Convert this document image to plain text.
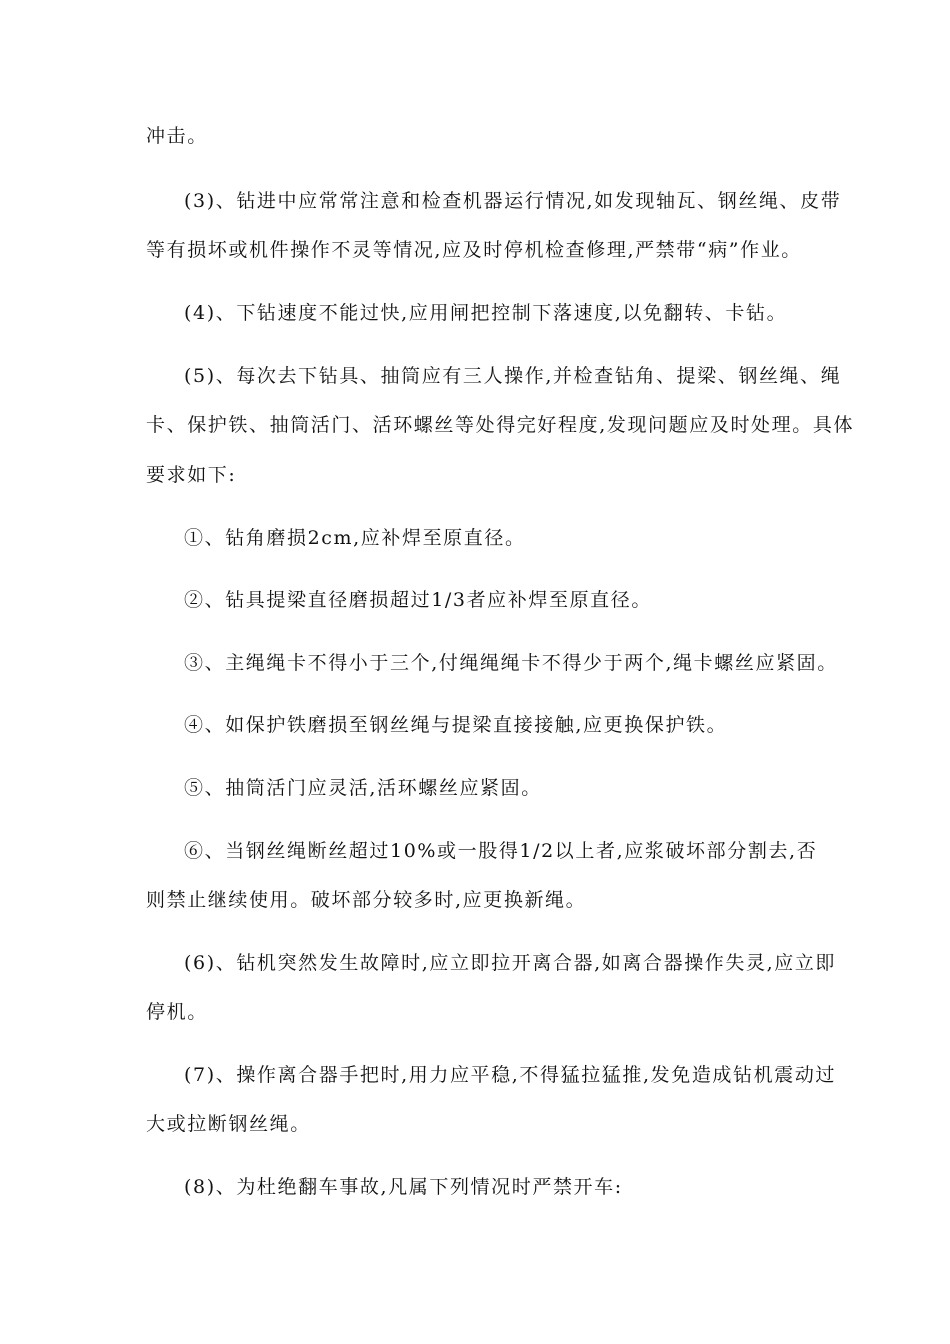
冲击。
(3)、钻进中应常常注意和检查机器运行情况,如发现轴瓦、钢丝绳、皮带
等有损坏或机件操作不灵等情况,应及时停机检查修理,严禁带“病”作业。
(4)、下钻速度不能过快,应用闸把控制下落速度,以免翻转、卡钻。
(5)、每次去下钻具、抽筒应有三人操作,并检查钻角、提梁、钢丝绳、绳
卡、保护铁、抽筒活门、活环螺丝等处得完好程度,发现问题应及时处理。具体
要求如下:
①、钻角磨损2cm,应补焊至原直径。
②、钻具提梁直径磨损超过1/3者应补焊至原直径。
③、主绳绳卡不得小于三个,付绳绳绳卡不得少于两个,绳卡螺丝应紧固。
④、如保护铁磨损至钢丝绳与提梁直接接触,应更换保护铁。
⑤、抽筒活门应灵活,活环螺丝应紧固。
⑥、当钢丝绳断丝超过10%或一股得1/2以上者,应浆破坏部分割去,否
则禁止继续使用。破坏部分较多时,应更换新绳。
(6)、钻机突然发生故障时,应立即拉开离合器,如离合器操作失灵,应立即
停机。
(7)、操作离合器手把时,用力应平稳,不得猛拉猛推,发免造成钻机震动过
大或拉断钢丝绳。
(8)、为杜绝翻车事故,凡属下列情况时严禁开车:
